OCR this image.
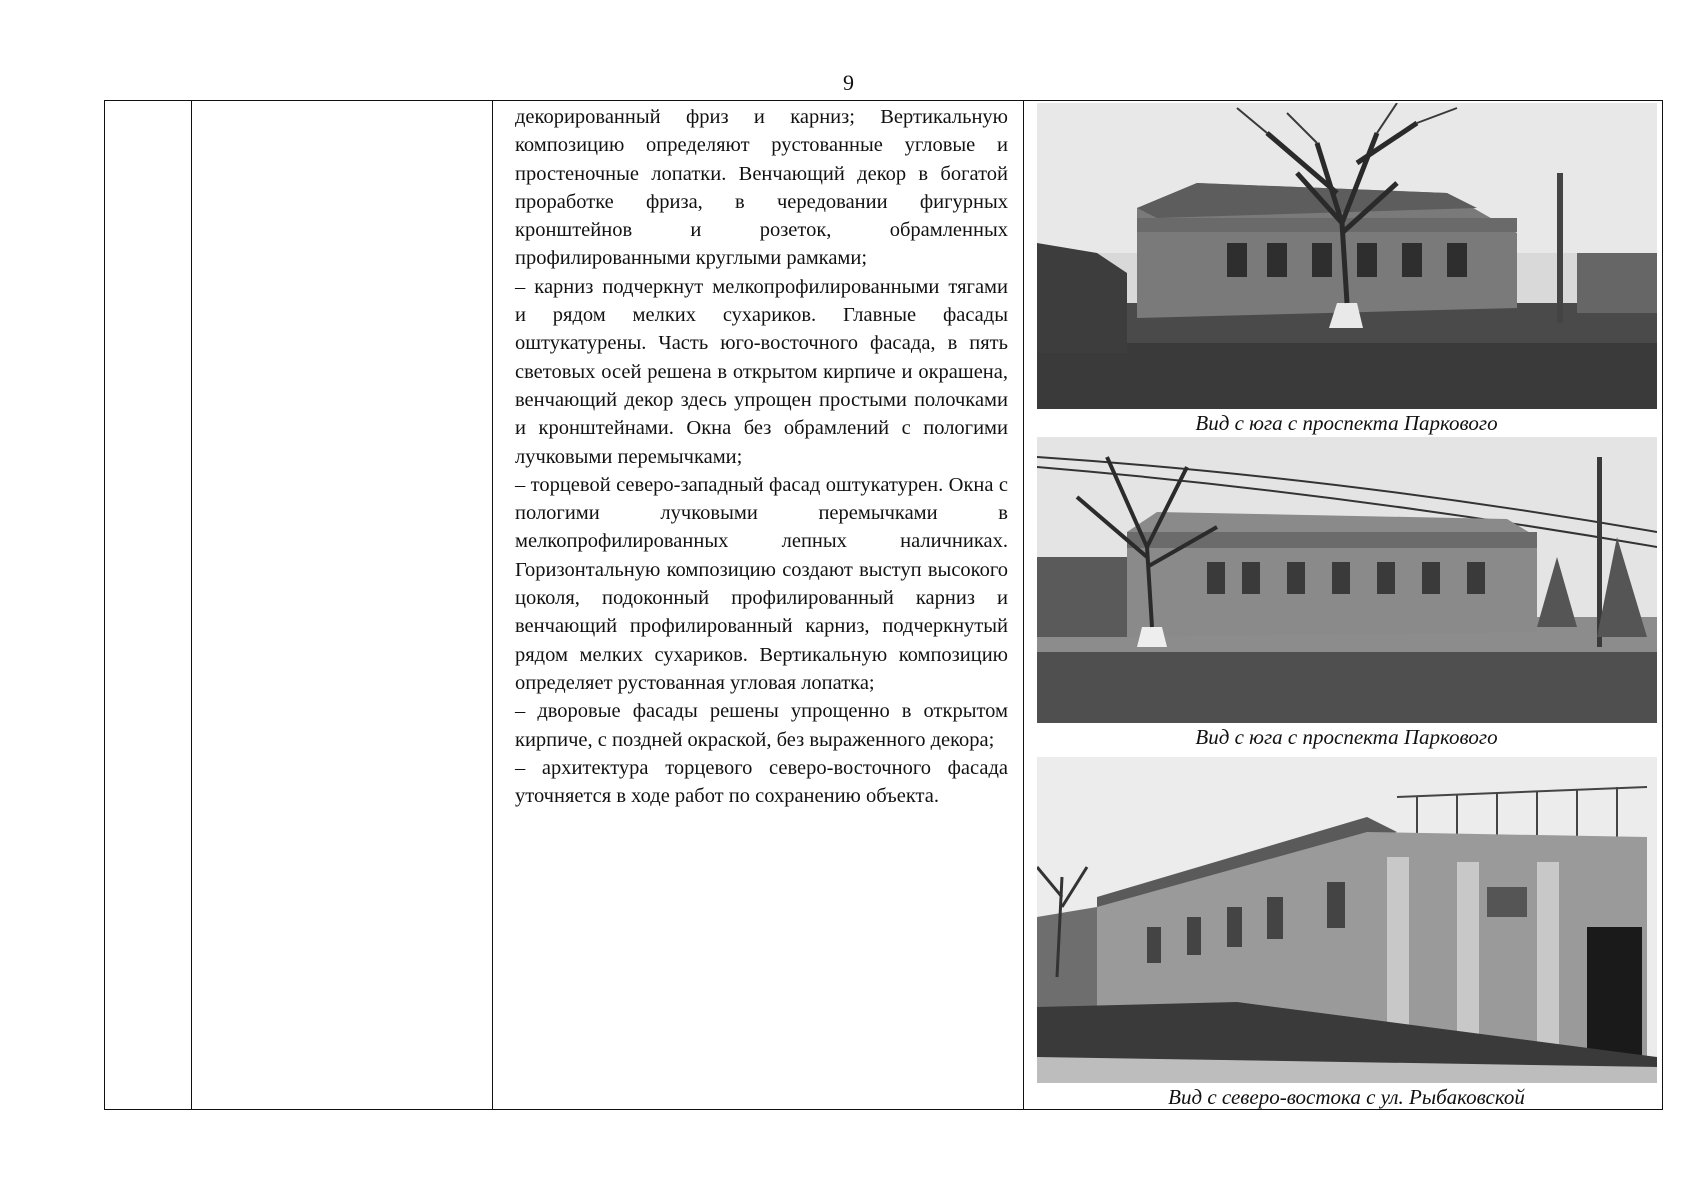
9

декорированный фриз и карниз; Вертикальную композицию определяют рустованные угловые и простеночные лопатки. Венчающий декор в богатой проработке фриза, в чередовании фигурных кронштейнов и розеток, обрамленных профилированными круглыми рамками;

– карниз подчеркнут мелкопрофилированными тягами и рядом мелких сухариков. Главные фасады оштукатурены. Часть юго-восточного фасада, в пять световых осей решена в открытом кирпиче и окрашена, венчающий декор здесь упрощен простыми полочками и кронштейнами. Окна без обрамлений с пологими лучковыми перемычками;

– торцевой северо-западный фасад оштукатурен. Окна с пологими лучковыми перемычками в мелкопрофилированных лепных наличниках. Горизонтальную композицию создают выступ высокого цоколя, подоконный профилированный карниз и венчающий профилированный карниз, подчеркнутый рядом мелких сухариков. Вертикальную композицию определяет рустованная угловая лопатка;

– дворовые фасады решены упрощенно в открытом кирпиче, с поздней окраской, без выраженного декора;

– архитектура торцевого северо-восточного фасада уточняется в ходе работ по сохранению объекта.

Вид с юга с проспекта Паркового
Вид с юга с проспекта Паркового
Вид с северо-востока с ул. Рыбаковской
